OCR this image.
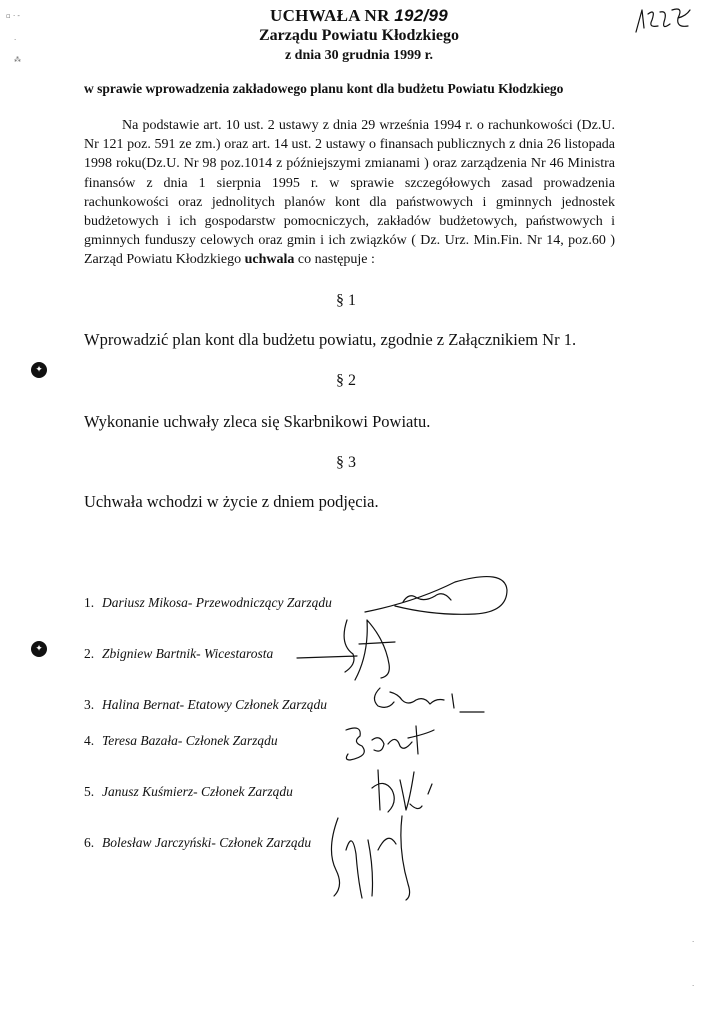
▫ · -
·
⁂
UCHWAŁA NR 192/99
Zarządu Powiatu Kłodzkiego
z dnia 30 grudnia 1999 r.
w sprawie wprowadzenia zakładowego planu kont dla budżetu Powiatu Kłodzkiego
Na podstawie art. 10 ust. 2 ustawy z dnia 29 września 1994 r. o rachunkowości (Dz.U. Nr 121 poz. 591 ze zm.) oraz art. 14 ust. 2 ustawy o finansach publicznych z dnia 26 listopada 1998 roku(Dz.U. Nr 98 poz.1014 z późniejszymi zmianami ) oraz zarządzenia Nr 46 Ministra finansów z dnia 1 sierpnia 1995 r. w sprawie szczegółowych zasad prowadzenia rachunkowości oraz jednolitych planów kont dla państwowych i gminnych jednostek budżetowych i ich gospodarstw pomocniczych, zakładów budżetowych, państwowych i gminnych funduszy celowych oraz gmin i ich związków ( Dz. Urz. Min.Fin. Nr 14, poz.60 ) Zarząd Powiatu Kłodzkiego uchwala co następuje :
§ 1
Wprowadzić plan kont dla budżetu powiatu, zgodnie z Załącznikiem Nr 1.
§ 2
Wykonanie uchwały zleca się Skarbnikowi Powiatu.
§ 3
Uchwała wchodzi w życie z dniem podjęcia.
✦
✦
1. Dariusz Mikosa- Przewodniczący Zarządu
2. Zbigniew Bartnik- Wicestarosta
3. Halina Bernat- Etatowy Członek Zarządu
4. Teresa Bazała- Członek Zarządu
5. Janusz Kuśmierz- Członek Zarządu
6. Bolesław Jarczyński- Członek Zarządu
·
·
